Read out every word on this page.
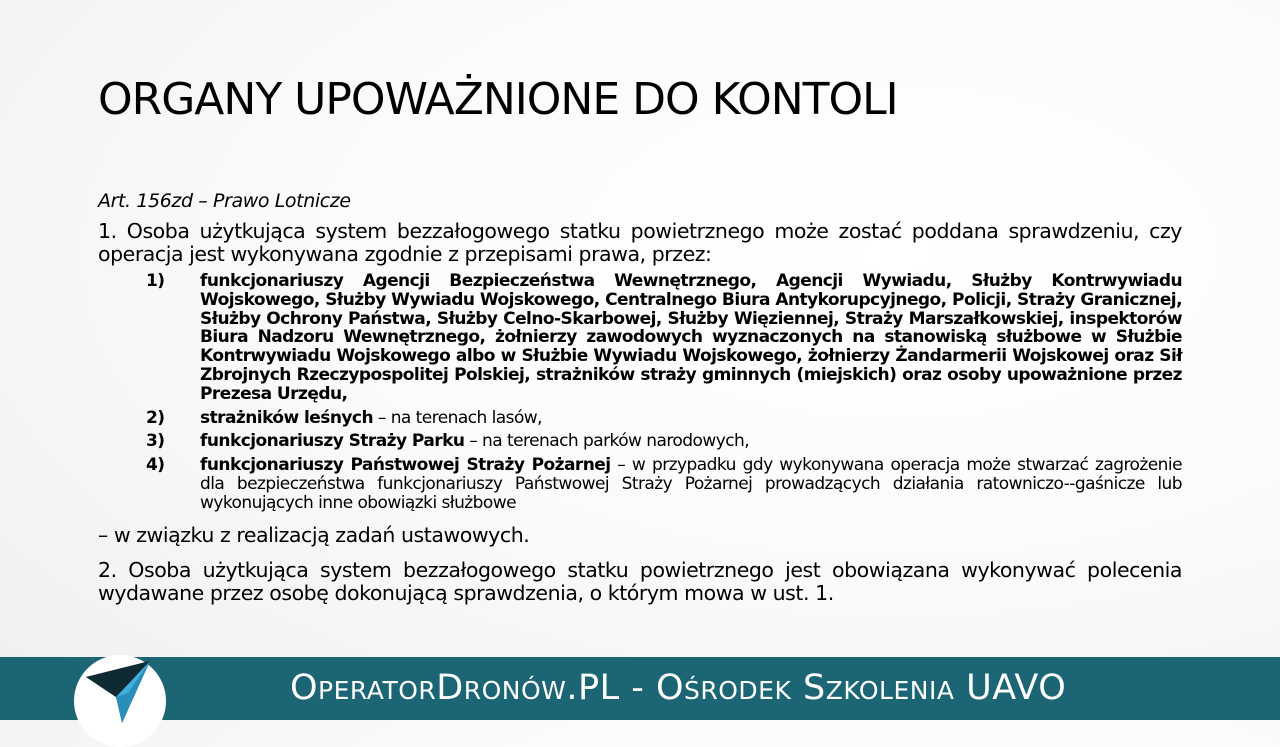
ORGANY UPOWAŻNIONE DO KONTOLI

Art. 156zd – Prawo Lotnicze

1. Osoba użytkująca system bezzałogowego statku powietrznego może zostać poddana sprawdzeniu, czy operacja jest wykonywana zgodnie z przepisami prawa, przez:

1)	funkcjonariuszy Agencji Bezpieczeństwa Wewnętrznego, Agencji Wywiadu, Służby Kontrwywiadu Wojskowego, Służby Wywiadu Wojskowego, Centralnego Biura Antykorupcyjnego, Policji, Straży Granicznej, Służby Ochrony Państwa, Służby Celno-Skarbowej, Służby Więziennej, Straży Marszałkowskiej, inspektorów Biura Nadzoru Wewnętrznego, żołnierzy zawodowych wyznaczonych na stanowiską służbowe w Służbie Kontrwywiadu Wojskowego albo w Służbie Wywiadu Wojskowego, żołnierzy Żandarmerii Wojskowej oraz Sił Zbrojnych Rzeczypospolitej Polskiej, strażników straży gminnych (miejskich) oraz osoby upoważnione przez Prezesa Urzędu,
2)	strażników leśnych – na terenach lasów,
3)	funkcjonariuszy Straży Parku – na terenach parków narodowych,
4)	funkcjonariuszy Państwowej Straży Pożarnej – w przypadku gdy wykonywana operacja może stwarzać zagrożenie dla bezpieczeństwa funkcjonariuszy Państwowej Straży Pożarnej prowadzących działania ratowniczo--gaśnicze lub wykonujących inne obowiązki służbowe

– w związku z realizacją zadań ustawowych.

2. Osoba użytkująca system bezzałogowego statku powietrznego jest obowiązana wykonywać polecenia wydawane przez osobę dokonującą sprawdzenia, o którym mowa w ust. 1.

OperatorDronów.PL - Ośrodek Szkolenia UAVO
